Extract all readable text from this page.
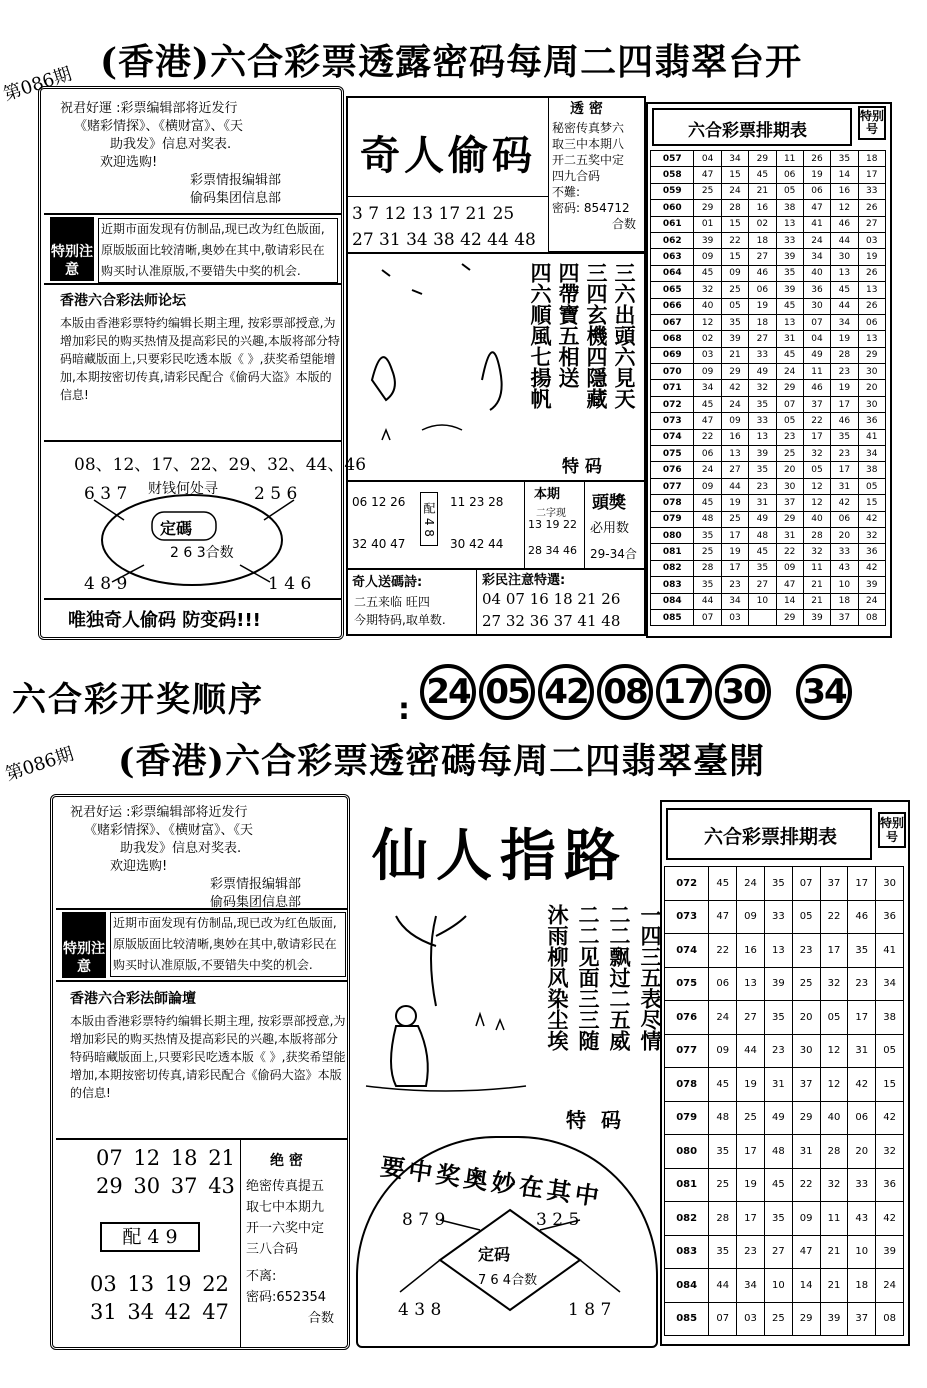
第086期
(香港)六合彩票透露密码每周二四翡翠台开
祝君好運 :彩票编辑部将近发行
《赌彩情探》、《横财富》、《天
助我发》信息对奖表.
欢迎选购!
彩票情报编辑部
偷码集团信息部
特别注意
近期市面发现有仿制品,现已改为红色版面,原版版面比较清晰,奥妙在其中,敬请彩民在购买时认准原版,不要错失中奖的机会.
香港六合彩法师论坛
本版由香港彩票特约编辑长期主理, 按彩票部授意,为增加彩民的购买热情及提高彩民的兴趣,本版将部分特码暗藏版面上,只要彩民吃透本版《 》,获奖希望能增加,本期按密切传真,请彩民配合《偷码大盗》本版的信息!
08、12、17、22、29、32、44、46
6 3 7 财钱何处寻 2 5 6
定碼
2 6 3合数
4 8 9	1 4 6
唯独奇人偷码 防变码!!!
奇人偷码
3 7 12 13 17 21 25
27 31 34 38 42 44 48
透 密
秘密传真梦六
取三中本期八
开二五奖中定
四九合码
不難:
密码: 854712
合数
三六出頭六見天
三四玄機四隱藏
四帶寶五相送
四六順風七揚帆
特 码
06 12 26
32 40 47
配 4 8 11 23 28
30 42 44
本期
二字现
13 19 22
28 34 46
頭獎
必用数
29-34合
奇人送碼詩:
二五来临 旺四
今期特码,取单数.
彩民注意特選:
04 07 16 18 21 26
27 32 36 37 41 48
六合彩票排期表
特别号
057	04	34	29	11	26	35	18
058	47	15	45	06	19	14	17
059	25	24	21	05	06	16	33
060	29	28	16	38	47	12	26
061	01	15	02	13	41	46	27
062	39	22	18	33	24	44	03
063	09	15	27	39	34	30	19
064	45	09	46	35	40	13	26
065	32	25	06	39	36	45	13
066	40	05	19	45	30	44	26
067	12	35	18	13	07	34	06
068	02	39	27	31	04	19	13
069	03	21	33	45	49	28	29
070	09	29	49	24	11	23	30
071	34	42	32	29	46	19	20
072	45	24	35	07	37	17	30
073	47	09	33	05	22	46	36
074	22	16	13	23	17	35	41
075	06	13	39	25	32	23	34
076	24	27	35	20	05	17	38
077	09	44	23	30	12	31	05
078	45	19	31	37	12	42	15
079	48	25	49	29	40	06	42
080	35	17	48	31	28	20	32
081	25	19	45	22	32	33	36
082	28	17	35	09	11	43	42
083	35	23	27	47	21	10	39
084	44	34	10	14	21	18	24
085	07	03		29	39	37	08
六合彩开奖顺序	: 24 05 42 08 17 30 34
第086期 (香港)六合彩票透密碼每周二四翡翠臺開
祝君好运 :彩票编辑部将近发行
《赌彩情探》、《横财富》、《天
助我发》信息对奖表.
欢迎选购!
彩票情报编辑部
偷码集团信息部
特别注意
近期市面发现有仿制品,现已改为红色版面,原版版面比较清晰,奥妙在其中,敬请彩民在购买时认准原版,不要错失中奖的机会.
香港六合彩法師論壇
本版由香港彩票特约编辑长期主理, 按彩票部授意,为增加彩民的购买热情及提高彩民的兴趣,本版将部分特码暗藏版面上,只要彩民吃透本版《 》,获奖希望能增加,本期按密切传真,请彩民配合《偷码大盗》本版的信息!
07 12 18 21
29 30 37 43
配 4 9
03 13 19 22
31 34 42 47
绝 密
绝密传真提五
取七中本期九
开一六奖中定
三八合码
不离:
密码:652354
合数
仙人指路
沐雨柳风染尘埃 二二见面三三随 二二飘过二五威 一四三五表尽情
特 码
要中奖奥妙在其中
8 7 9	3 2 5
定码
7 6 4合数
4 3 8	1 8 7
六合彩票排期表
特别号
072	45	24	35	07	37	17	30
073	47	09	33	05	22	46	36
074	22	16	13	23	17	35	41
075	06	13	39	25	32	23	34
076	24	27	35	20	05	17	38
077	09	44	23	30	12	31	05
078	45	19	31	37	12	42	15
079	48	25	49	29	40	06	42
080	35	17	48	31	28	20	32
081	25	19	45	22	32	33	36
082	28	17	35	09	11	43	42
083	35	23	27	47	21	10	39
084	44	34	10	14	21	18	24
085	07	03	25	29	39	37	08
